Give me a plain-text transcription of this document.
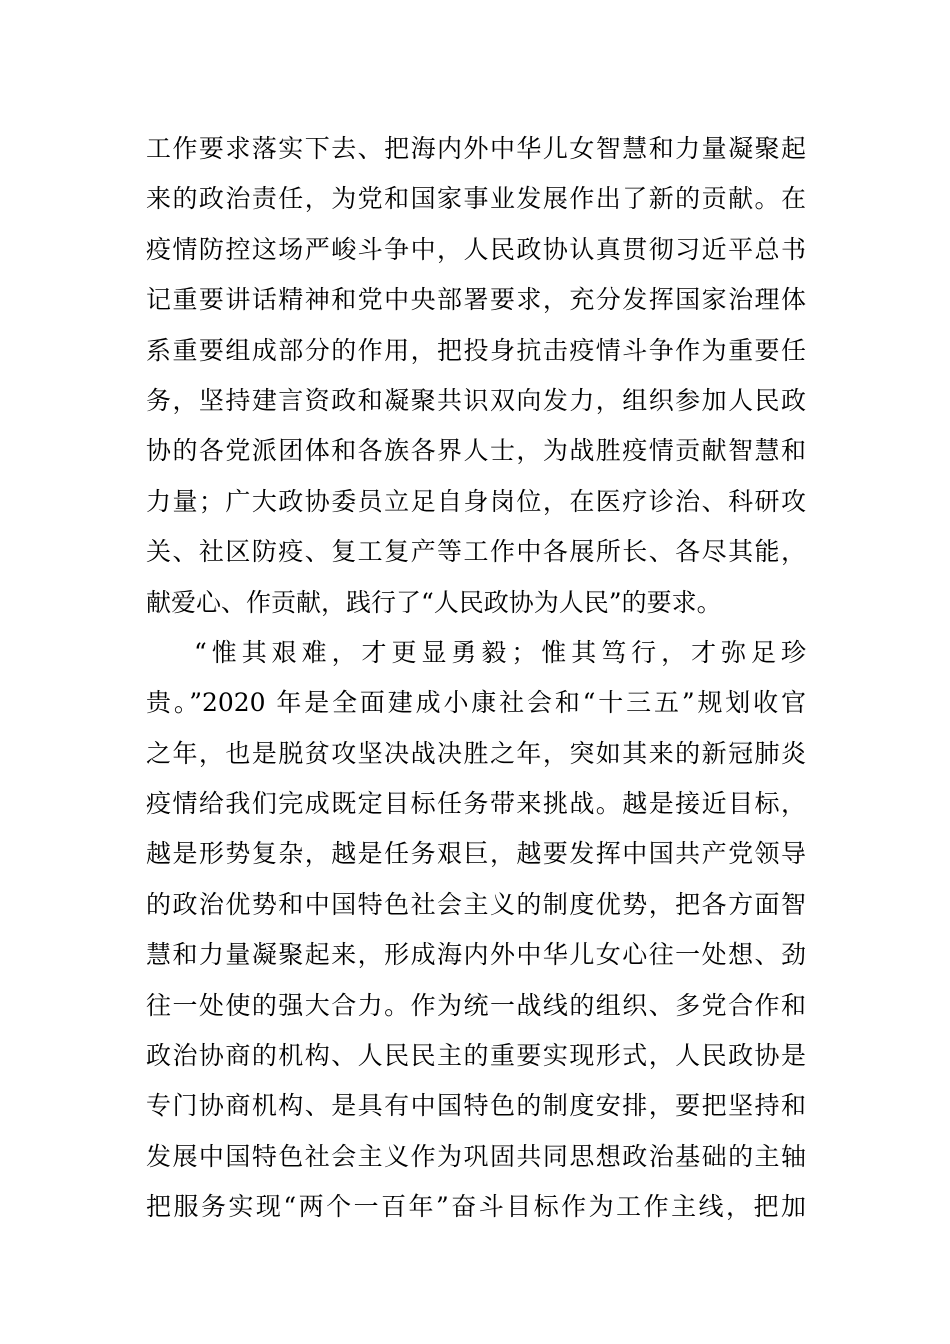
工作要求落实下去、把海内外中华儿女智慧和力量凝聚起
来的政治责任，为党和国家事业发展作出了新的贡献。在
疫情防控这场严峻斗争中，人民政协认真贯彻习近平总书
记重要讲话精神和党中央部署要求，充分发挥国家治理体
系重要组成部分的作用，把投身抗击疫情斗争作为重要任
务，坚持建言资政和凝聚共识双向发力，组织参加人民政
协的各党派团体和各族各界人士，为战胜疫情贡献智慧和
力量；广大政协委员立足自身岗位，在医疗诊治、科研攻
关、社区防疫、复工复产等工作中各展所长、各尽其能，
献爱心、作贡献，践行了“人民政协为人民”的要求。
“惟其艰难，才更显勇毅；惟其笃行，才弥足珍
贵。”2020 年是全面建成小康社会和“十三五”规划收官
之年，也是脱贫攻坚决战决胜之年，突如其来的新冠肺炎
疫情给我们完成既定目标任务带来挑战。越是接近目标，
越是形势复杂，越是任务艰巨，越要发挥中国共产党领导
的政治优势和中国特色社会主义的制度优势，把各方面智
慧和力量凝聚起来，形成海内外中华儿女心往一处想、劲
往一处使的强大合力。作为统一战线的组织、多党合作和
政治协商的机构、人民民主的重要实现形式，人民政协是
专门协商机构、是具有中国特色的制度安排，要把坚持和
发展中国特色社会主义作为巩固共同思想政治基础的主轴
把服务实现“两个一百年”奋斗目标作为工作主线，把加
